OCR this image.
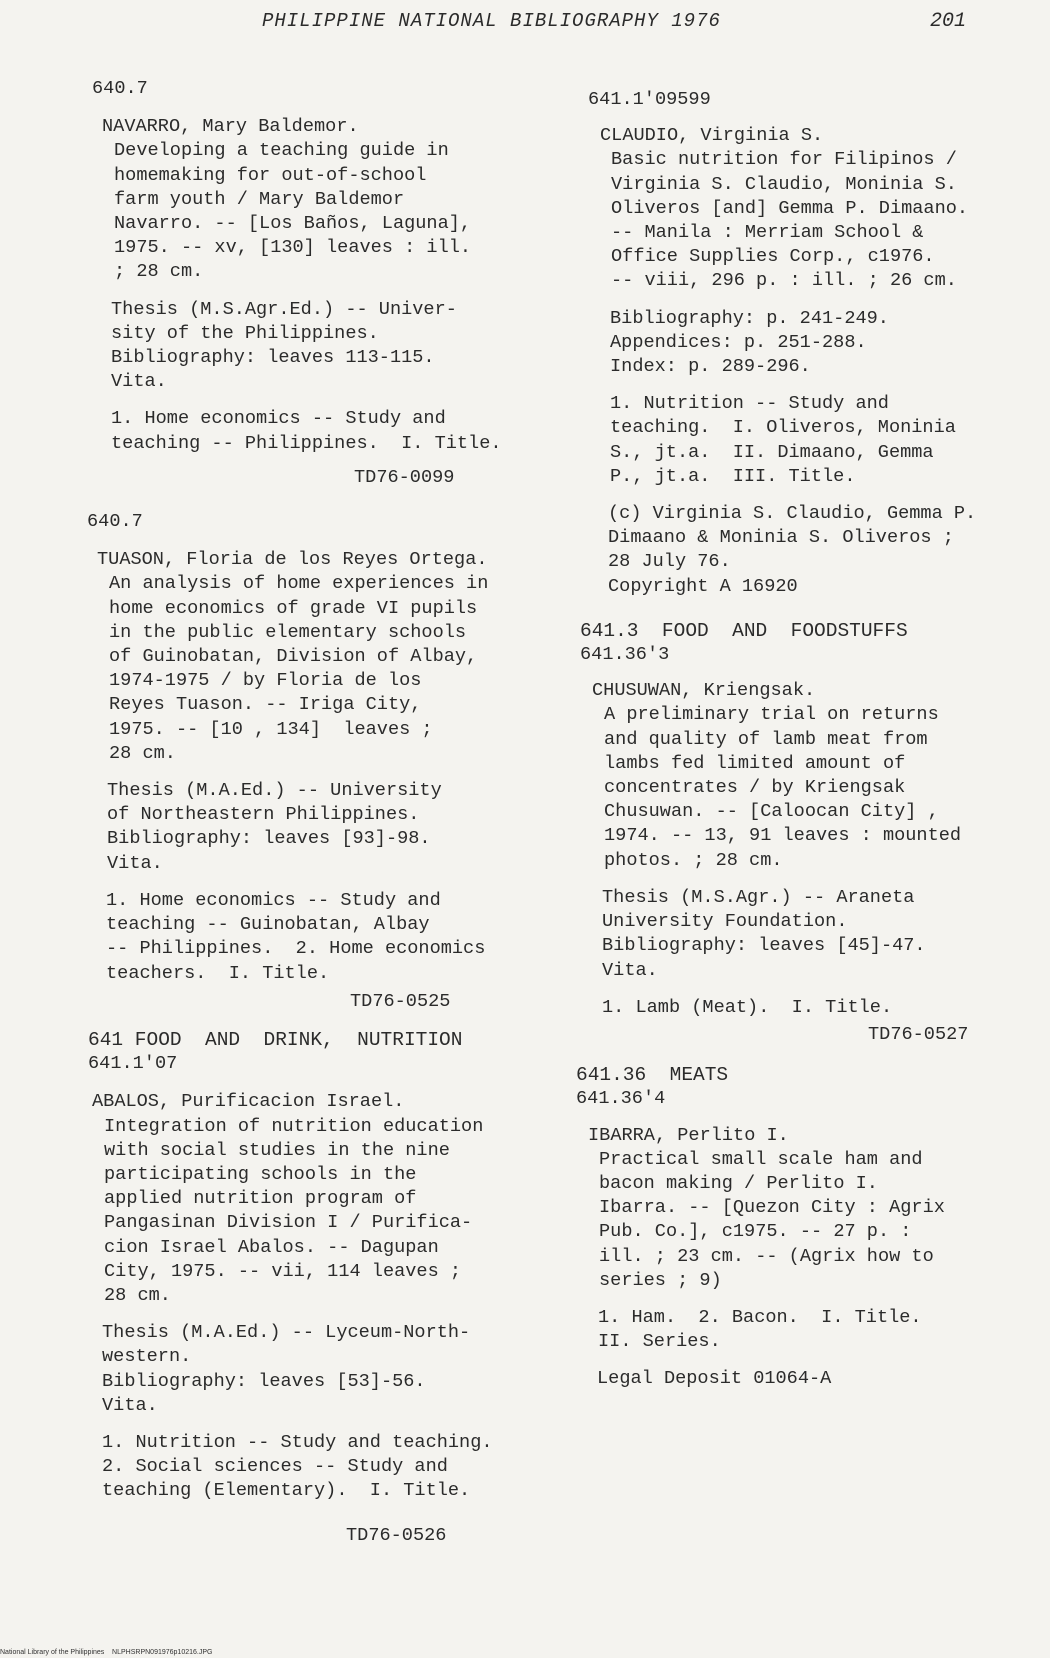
PHILIPPINE NATIONAL BIBLIOGRAPHY 1976	201
640.7
NAVARRO, Mary Baldemor.
Developing a teaching guide in
homemaking for out-of-school
farm youth / Mary Baldemor
Navarro. -- [Los Baños, Laguna],
1975. -- xv, [130] leaves : ill.
; 28 cm.
Thesis (M.S.Agr.Ed.) -- Univer-
sity of the Philippines.
Bibliography: leaves 113-115.
Vita.
1. Home economics -- Study and
teaching -- Philippines.  I. Title.
TD76-0099
640.7
TUASON, Floria de los Reyes Ortega.
An analysis of home experiences in
home economics of grade VI pupils
in the public elementary schools
of Guinobatan, Division of Albay,
1974-1975 / by Floria de los
Reyes Tuason. -- Iriga City,
1975. -- [10 , 134]  leaves ;
28 cm.
Thesis (M.A.Ed.) -- University
of Northeastern Philippines.
Bibliography: leaves [93]-98.
Vita.
1. Home economics -- Study and
teaching -- Guinobatan, Albay
-- Philippines.  2. Home economics
teachers.  I. Title.
TD76-0525
641 FOOD  AND  DRINK,  NUTRITION
641.1'07
ABALOS, Purificacion Israel.
Integration of nutrition education
with social studies in the nine
participating schools in the
applied nutrition program of
Pangasinan Division I / Purifica-
cion Israel Abalos. -- Dagupan
City, 1975. -- vii, 114 leaves ;
28 cm.
Thesis (M.A.Ed.) -- Lyceum-North-
western.
Bibliography: leaves [53]-56.
Vita.
1. Nutrition -- Study and teaching.
2. Social sciences -- Study and
teaching (Elementary).  I. Title.
TD76-0526
641.1'09599
CLAUDIO, Virginia S.
Basic nutrition for Filipinos /
Virginia S. Claudio, Moninia S.
Oliveros [and] Gemma P. Dimaano.
-- Manila : Merriam School &
Office Supplies Corp., c1976.
-- viii, 296 p. : ill. ; 26 cm.
Bibliography: p. 241-249.
Appendices: p. 251-288.
Index: p. 289-296.
1. Nutrition -- Study and
teaching.  I. Oliveros, Moninia
S., jt.a.  II. Dimaano, Gemma
P., jt.a.  III. Title.
(c) Virginia S. Claudio, Gemma P.
Dimaano & Moninia S. Oliveros ;
28 July 76.
Copyright A 16920
641.3  FOOD  AND  FOODSTUFFS
641.36'3
CHUSUWAN, Kriengsak.
A preliminary trial on returns
and quality of lamb meat from
lambs fed limited amount of
concentrates / by Kriengsak
Chusuwan. -- [Caloocan City] ,
1974. -- 13, 91 leaves : mounted
photos. ; 28 cm.
Thesis (M.S.Agr.) -- Araneta
University Foundation.
Bibliography: leaves [45]-47.
Vita.
1. Lamb (Meat).  I. Title.
TD76-0527
641.36  MEATS
641.36'4
IBARRA, Perlito I.
Practical small scale ham and
bacon making / Perlito I.
Ibarra. -- [Quezon City : Agrix
Pub. Co.], c1975. -- 27 p. :
ill. ; 23 cm. -- (Agrix how to
series ; 9)
1. Ham.  2. Bacon.  I. Title.
II. Series.
Legal Deposit 01064-A
National Library of the Philippines    NLPHSRPN091976p10216.JPG
